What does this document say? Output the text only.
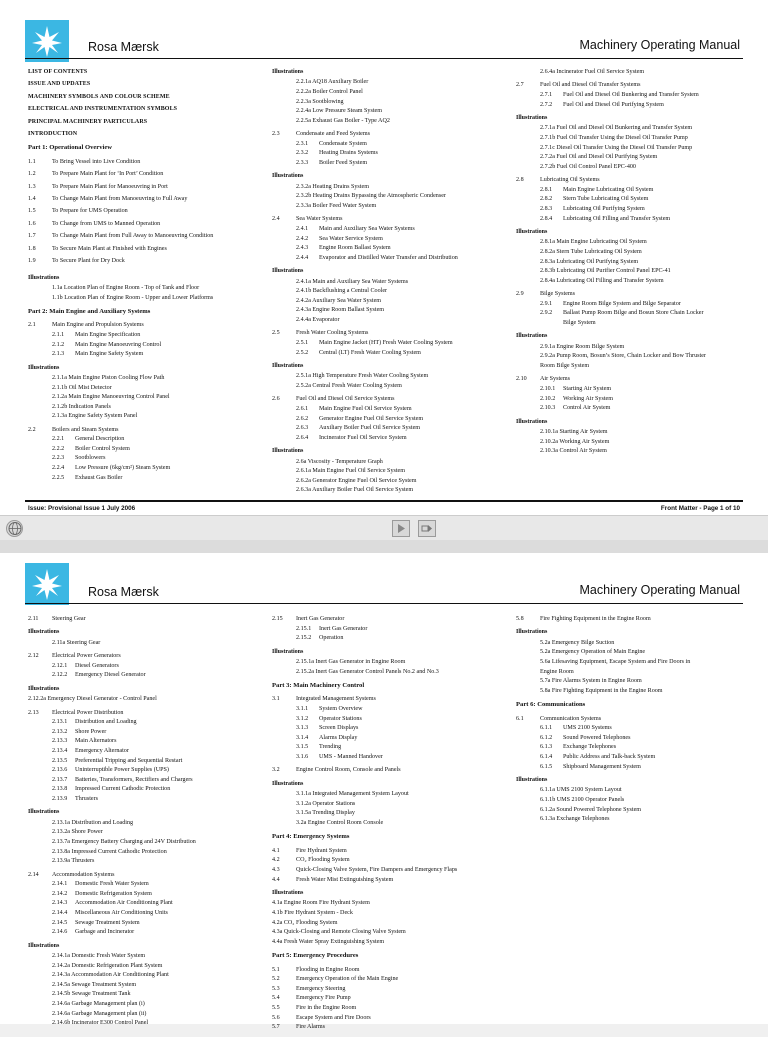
Rosa Mærsk	Machinery Operating Manual
LIST OF CONTENTS
ISSUE AND UPDATES
MACHINERY SYMBOLS AND COLOUR SCHEME
ELECTRICAL AND INSTRUMENTATION SYMBOLS
PRINCIPAL MACHINERY PARTICULARS
INTRODUCTION
Part 1: Operational Overview
1.1	To Bring Vessel into Live Condition
1.2	To Prepare Main Plant for ‘In Port’ Condition
1.3	To Prepare Main Plant for Manoeuvring in Port
1.4	To Change Main Plant from Manoeuvring to Full Away
1.5	To Prepare for UMS Operation
1.6	To Change from UMS to Manned Operation
1.7	To Change Main Plant from Full Away to Manoeuvring Condition
1.8	To Secure Main Plant at Finished with Engines
1.9	To Secure Plant for Dry Dock
Illustrations
1.1a Location Plan of Engine Room - Top of Tank and Floor
1.1b Location Plan of Engine Room - Upper and Lower Platforms
Part 2: Main Engine and Auxiliary Systems
2.1	Main Engine and Propulsion Systems
2.1.1	Main Engine Specification
2.1.2	Main Engine Manoeuvring Control
2.1.3	Main Engine Safety System
Illustrations
2.1.1a Main Engine Piston Cooling Flow Path
2.1.1b Oil Mist Detector
2.1.2a Main Engine Manoeuvring Control Panel
2.1.2b Indication Panels
2.1.3a Engine Safety System Panel
2.2	Boilers and Steam Systems
2.2.1	General Description
2.2.2	Boiler Control System
2.2.3	Sootblowers
2.2.4	Low Pressure (6kg/cm²) Steam System
2.2.5	Exhaust Gas Boiler
Illustrations
2.2.1a AQ18 Auxiliary Boiler
2.2.2a Boiler Control Panel
2.2.3a Sootblowing
2.2.4a Low Pressure Steam System
2.2.5a Exhaust Gas Boiler - Type AQ2
2.3	Condensate and Feed Systems
2.3.1	Condensate System
2.3.2	Heating Drains Systems
2.3.3	Boiler Feed System
Illustrations
2.3.2a Heating Drains System
2.3.2b Heating Drains Bypassing the Atmospheric Condenser
2.3.3a Boiler Feed Water System
2.4	Sea Water Systems
2.4.1	Main and Auxiliary Sea Water Systems
2.4.2	Sea Water Service System
2.4.3	Engine Room Ballast System
2.4.4	Evaporator and Distilled Water Transfer and Distribution
Illustrations
2.4.1a Main and Auxiliary Sea Water Systems
2.4.1b Backflushing a Central Cooler
2.4.2a Auxiliary Sea Water System
2.4.3a Engine Room Ballast System
2.4.4a Evaporator
2.5	Fresh Water Cooling Systems
2.5.1	Main Engine Jacket (HT) Fresh Water Cooling System
2.5.2	Central (LT) Fresh Water Cooling System
Illustrations
2.5.1a High Temperature Fresh Water Cooling System
2.5.2a Central Fresh Water Cooling System
2.6	Fuel Oil and Diesel Oil Service Systems
2.6.1	Main Engine Fuel Oil Service System
2.6.2	Generator Engine Fuel Oil Service System
2.6.3	Auxiliary Boiler Fuel Oil Service System
2.6.4	Incinerator Fuel Oil Service System
Illustrations
2.6a Viscosity - Temperature Graph
2.6.1a Main Engine Fuel Oil Service System
2.6.2a Generator Engine Fuel Oil Service System
2.6.3a Auxiliary Boiler Fuel Oil Service System
2.6.4a Incinerator Fuel Oil Service System
2.7	Fuel Oil and Diesel Oil Transfer Systems
2.7.1	Fuel Oil and Diesel Oil Bunkering and Transfer System
2.7.2	Fuel Oil and Diesel Oil Purifying System
Illustrations
2.7.1a Fuel Oil and Diesel Oil Bunkering and Transfer System
2.7.1b Fuel Oil Transfer Using the Diesel Oil Transfer Pump
2.7.1c Diesel Oil Transfer Using the Diesel Oil Transfer Pump
2.7.2a Fuel Oil and Diesel Oil Purifying System
2.7.2b Fuel Oil Control Panel EPC-400
2.8	Lubricating Oil Systems
2.8.1	Main Engine Lubricating Oil System
2.8.2	Stern Tube Lubricating Oil System
2.8.3	Lubricating Oil Purifying System
2.8.4	Lubricating Oil Filling and Transfer System
Illustrations
2.8.1a Main Engine Lubricating Oil System
2.8.2a Stern Tube Lubricating Oil System
2.8.3a Lubricating Oil Purifying System
2.8.3b Lubricating Oil Purifier Control Panel EPC-41
2.8.4a Lubricating Oil Filling and Transfer System
2.9	Bilge Systems
2.9.1	Engine Room Bilge System and Bilge Separator
2.9.2	Ballast Pump Room Bilge and Bosun Store Chain Locker
Bilge System
Illustrations
2.9.1a Engine Room Bilge System
2.9.2a Pump Room, Bosun’s Store, Chain Locker and Bow Thruster
Room Bilge System
2.10	Air Systems
2.10.1	Starting Air System
2.10.2	Working Air System
2.10.3	Control Air System
Illustrations
2.10.1a Starting Air System
2.10.2a Working Air System
2.10.3a Control Air System
Issue: Provisional Issue 1 July 2006	Front Matter - Page 1 of 10
Rosa Mærsk	Machinery Operating Manual
2.11	Steering Gear
Illustrations
2.11a Steering Gear
2.12	Electrical Power Generators
2.12.1	Diesel Generators
2.12.2	Emergency Diesel Generator
Illustrations
2.12.2a Emergency Diesel Generator - Control Panel
2.13	Electrical Power Distribution
2.13.1	Distribution and Loading
2.13.2	Shore Power
2.13.3	Main Alternators
2.13.4	Emergency Alternator
2.13.5	Preferential Tripping and Sequential Restart
2.13.6	Uninterruptible Power Supplies (UPS)
2.13.7	Batteries, Transformers, Rectifiers and Chargers
2.13.8	Impressed Current Cathodic Protection
2.13.9	Thrusters
Illustrations
2.13.1a Distribution and Loading
2.13.2a Shore Power
2.13.7a Emergency Battery Charging and 24V Distribution
2.13.8a Impressed Current Cathodic Protection
2.13.9a Thrusters
2.14	Accommodation Systems
2.14.1	Domestic Fresh Water System
2.14.2	Domestic Refrigeration System
2.14.3	Accommodation Air Conditioning Plant
2.14.4	Miscellaneous Air Conditioning Units
2.14.5	Sewage Treatment System
2.14.6	Garbage and Incinerator
Illustrations
2.14.1a Domestic Fresh Water System
2.14.2a Domestic Refrigeration Plant System
2.14.3a Accommodation Air Conditioning Plant
2.14.5a Sewage Treatment System
2.14.5b Sewage Treatment Tank
2.14.6a Garbage Management plan (i)
2.14.6a Garbage Management plan (ii)
2.14.6b Incinerator E300 Control Panel
2.15	Inert Gas Generator
2.15.1	Inert Gas Generator
2.15.2	Operation
Illustrations
2.15.1a Inert Gas Generator in Engine Room
2.15.2a Inert Gas Generator Control Panels No.2 and No.3
Part 3: Main Machinery Control
3.1	Integrated Management Systems
3.1.1	System Overview
3.1.2	Operator Stations
3.1.3	Screen Displays
3.1.4	Alarms Display
3.1.5	Trending
3.1.6	UMS - Manned Handover
3.2	Engine Control Room, Console and Panels
Illustrations
3.1.1a Integrated Management System Layout
3.1.2a Operator Stations
3.1.5a Trending Display
3.2a Engine Control Room Console
Part 4: Emergency Systems
4.1	Fire Hydrant System
4.2	CO₂ Flooding System
4.3	Quick-Closing Valve System, Fire Dampers and Emergency Flaps
4.4	Fresh Water Mist Extinguishing System
Illustrations
4.1a Engine Room Fire Hydrant System
4.1b Fire Hydrant System - Deck
4.2a CO₂ Flooding System
4.3a Quick-Closing and Remote Closing Valve System
4.4a Fresh Water Spray Extinguishing System
Part 5: Emergency Procedures
5.1	Flooding in Engine Room
5.2	Emergency Operation of the Main Engine
5.3	Emergency Steering
5.4	Emergency Fire Pump
5.5	Fire in the Engine Room
5.6	Escape System and Fire Doors
5.7	Fire Alarms
5.8	Fire Fighting Equipment in the Engine Room
Illustrations
5.2a Emergency Bilge Suction
5.2a Emergency Operation of Main Engine
5.6a Lifesaving Equipment, Escape System and Fire Doors in
Engine Room
5.7a Fire Alarms System in Engine Room
5.8a Fire Fighting Equipment in the Engine Room
Part 6: Communications
6.1	Communication Systems
6.1.1	UMS 2100 Systems
6.1.2	Sound Powered Telephones
6.1.3	Exchange Telephones
6.1.4	Public Address and Talk-back System
6.1.5	Shipboard Management System
Illustrations
6.1.1a UMS 2100 System Layout
6.1.1b UMS 2100 Operator Panels
6.1.2a Sound Powered Telephone System
6.1.3a Exchange Telephones
